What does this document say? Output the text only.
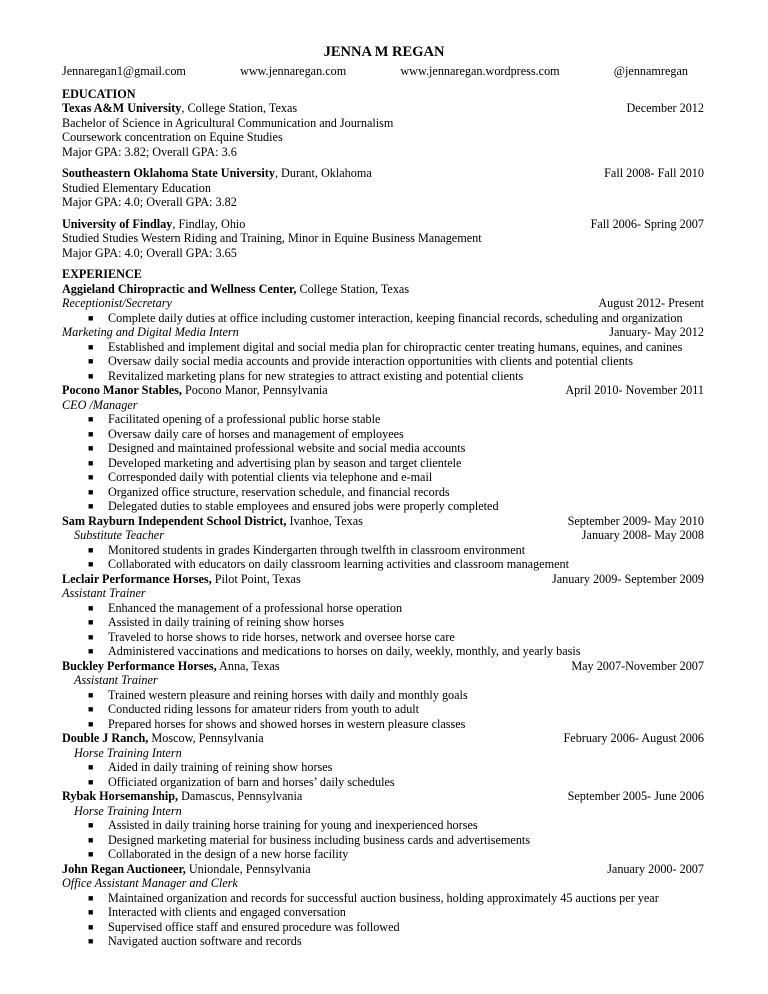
JENNA M REGAN
Jennaregan1@gmail.com	www.jennaregan.com	www.jennaregan.wordpress.com	@jennamregan
EDUCATION
Texas A&M University, College Station, Texas	December 2012
Bachelor of Science in Agricultural Communication and Journalism
Coursework concentration on Equine Studies
Major GPA: 3.82; Overall GPA: 3.6
Southeastern Oklahoma State University, Durant, Oklahoma	Fall 2008- Fall 2010
Studied Elementary Education
Major GPA: 4.0; Overall GPA: 3.82
University of Findlay, Findlay, Ohio	Fall 2006- Spring 2007
Studied Studies Western Riding and Training, Minor in Equine Business Management
Major GPA: 4.0; Overall GPA: 3.65
EXPERIENCE
Aggieland Chiropractic and Wellness Center, College Station, Texas
Receptionist/Secretary	August 2012- Present
■ Complete daily duties at office including customer interaction, keeping financial records, scheduling and organization
Marketing and Digital Media Intern	January- May 2012
■ Established and implement digital and social media plan for chiropractic center treating humans, equines, and canines
■ Oversaw daily social media accounts and provide interaction opportunities with clients and potential clients
■ Revitalized marketing plans for new strategies to attract existing and potential clients
Pocono Manor Stables, Pocono Manor, Pennsylvania	April 2010- November 2011
CEO /Manager
■ Facilitated opening of a professional public horse stable
■ Oversaw daily care of horses and management of employees
■ Designed and maintained professional website and social media accounts
■ Developed marketing and advertising plan by season and target clientele
■ Corresponded daily with potential clients via telephone and e-mail
■ Organized office structure, reservation schedule, and financial records
■ Delegated duties to stable employees and ensured jobs were properly completed
Sam Rayburn Independent School District, Ivanhoe, Texas	September 2009- May 2010
Substitute Teacher	January 2008- May 2008
■ Monitored students in grades Kindergarten through twelfth in classroom environment
■ Collaborated with educators on daily classroom learning activities and classroom management
Leclair Performance Horses, Pilot Point, Texas	January 2009- September 2009
Assistant Trainer
■ Enhanced the management of a professional horse operation
■ Assisted in daily training of reining show horses
■ Traveled to horse shows to ride horses, network and oversee horse care
■ Administered vaccinations and medications to horses on daily, weekly, monthly, and yearly basis
Buckley Performance Horses, Anna, Texas	May 2007-November 2007
Assistant Trainer
■ Trained western pleasure and reining horses with daily and monthly goals
■ Conducted riding lessons for amateur riders from youth to adult
■ Prepared horses for shows and showed horses in western pleasure classes
Double J Ranch, Moscow, Pennsylvania	February 2006- August 2006
Horse Training Intern
■ Aided in daily training of reining show horses
■ Officiated organization of barn and horses’ daily schedules
Rybak Horsemanship, Damascus, Pennsylvania	September 2005- June 2006
Horse Training Intern
■ Assisted in daily training horse training for young and inexperienced horses
■ Designed marketing material for business including business cards and advertisements
■ Collaborated in the design of a new horse facility
John Regan Auctioneer, Uniondale, Pennsylvania	January 2000- 2007
Office Assistant Manager and Clerk
■ Maintained organization and records for successful auction business, holding approximately 45 auctions per year
■ Interacted with clients and engaged conversation
■ Supervised office staff and ensured procedure was followed
■ Navigated auction software and records
